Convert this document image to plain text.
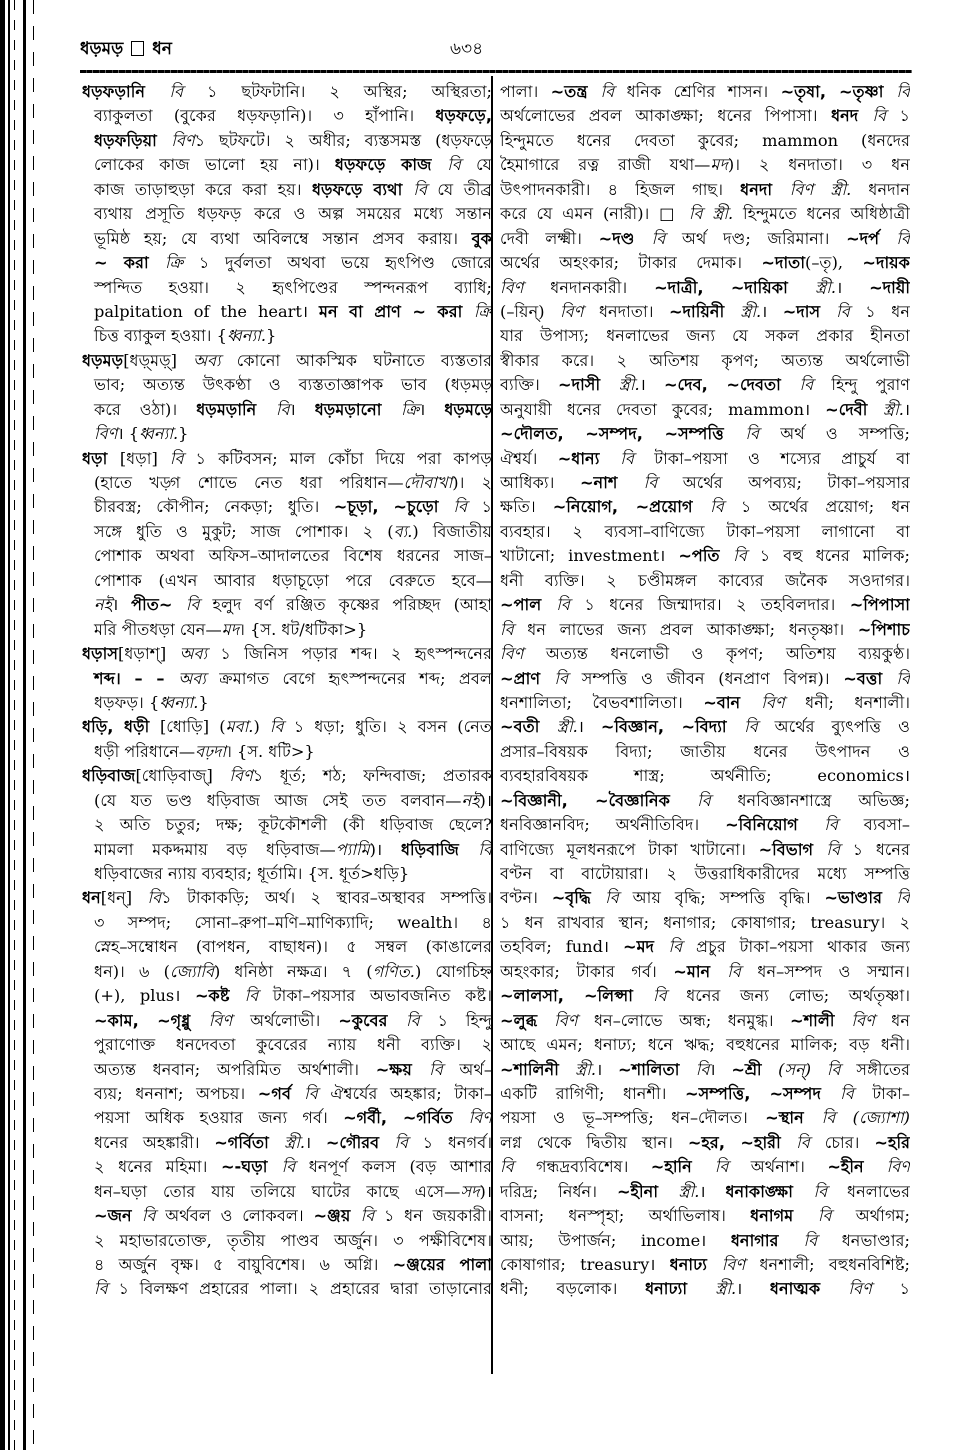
ধড়মড় ধন	৬৩৪
ধড়ফড়ানি বি ১ ছটফটানি। ২ অস্থির; অস্থিরতা;
ব্যাকুলতা (বুকের ধড়ফড়ানি)। ৩ হাঁপানি। ধড়ফড়ে,
ধড়ফড়িয়া বিণ১ ছটফটে। ২ অধীর; ব্যস্তসমস্ত (ধড়ফড়ে
লোকের কাজ ভালো হয় না)। ধড়ফড়ে কাজ বি যে
কাজ তাড়াহুড়া করে করা হয়। ধড়ফড়ে ব্যথা বি যে তীব্র
ব্যথায় প্রসূতি ধড়ফড় করে ও অল্প সময়ের মধ্যে সন্তান
ভূমিষ্ঠ হয়; যে ব্যথা অবিলম্বে সন্তান প্রসব করায়। বুক
~ করা ক্রি ১ দুর্বলতা অথবা ভয়ে হৃৎপিণ্ড জোরে
স্পন্দিত হওয়া। ২ হৃৎপিণ্ডের স্পন্দনরূপ ব্যাধি;
palpitation of the heart। মন বা প্রাণ ~ করা ক্রি
চিত্ত ব্যাকুল হওয়া। {ধ্বন্যা.}
ধড়মড়[ধড়্মড়্] অব্য কোনো আকস্মিক ঘটনাতে ব্যস্ততার
ভাব; অত্যন্ত উৎকণ্ঠা ও ব্যস্ততাজ্ঞাপক ভাব (ধড়মড়
করে ওঠা)। ধড়মড়ানি বি। ধড়মড়ানো ক্রি। ধড়মড়ে
বিণ। {ধ্বন্যা.}
ধড়া [ধড়া] বি ১ কটিবসন; মাল কোঁচা দিয়ে পরা কাপড়
(হাতে খড়্গ শোভে নেত ধরা পরিধান—দৌবাখা)। ২
চীরবস্ত্র; কৌপীন; নেকড়া; ধুতি। ~চূড়া, ~চুড়ো বি ১
সঙ্গে ধুতি ও মুকুট; সাজ পোশাক। ২ (ব্য.) বিজাতীয়
পোশাক অথবা অফিস–আদালতের বিশেষ ধরনের সাজ–
পোশাক (এখন আবার ধড়াচূড়ো পরে বেরুতে হবে—
নই। পীত~ বি হলুদ বর্ণ রঞ্জিত কৃষ্ণের পরিচ্ছদ (আহা
মরি পীতধড়া যেন—মদ। {স. ধট/ধটিকা>}
ধড়াস[ধড়াশ্] অব্য ১ জিনিস পড়ার শব্দ। ২ হৃৎস্পন্দনের
শব্দ। – – অব্য ক্রমাগত বেগে হৃৎস্পন্দনের শব্দ; প্রবল
ধড়ফড়। {ধ্বন্যা.}
ধড়ি, ধড়ী [ধোড়ি] (মবা.) বি ১ ধড়া; ধুতি। ২ বসন (নেত
ধড়ী পরিধানে—বঢ়দা। {স. ধটি>}
ধড়িবাজ[ধোড়িবাজ্] বিণ১ ধূর্ত; শঠ; ফন্দিবাজ; প্রতারক
(যে যত ভণ্ড ধড়িবাজ আজ সেই তত বলবান—নই)।
২ অতি চতুর; দক্ষ; কূটকৌশলী (কী ধড়িবাজ ছেলে?
মামলা মকদ্দমায় বড় ধড়িবাজ—প্যামি)। ধড়িবাজি বি
ধড়িবাজের ন্যায় ব্যবহার; ধূর্তামি। {স. ধূর্ত>ধড়ি}
ধন[ধন্] বি১ টাকাকড়ি; অর্থ। ২ স্থাবর–অস্থাবর সম্পত্তি।
৩ সম্পদ; সোনা–রুপা–মণি–মাণিক্যাদি; wealth। ৪
স্নেহ–সম্বোধন (বাপধন, বাছাধন)। ৫ সম্বল (কাঙালের
ধন)। ৬ (জ্যোবি) ধনিষ্ঠা নক্ষত্র। ৭ (গণিত.) যোগচিহ্ন
(+), plus। ~কষ্ট বি টাকা–পয়সার অভাবজনিত কষ্ট।
~কাম, ~গৃধ্নু বিণ অর্থলোভী। ~কুবের বি ১ হিন্দু
পুরাণোক্ত ধনদেবতা কুবেরের ন্যায় ধনী ব্যক্তি। ২
অত্যন্ত ধনবান; অপরিমিত অর্থশালী। ~ক্ষয় বি অর্থ–
ব্যয়; ধননাশ; অপচয়। ~গর্ব বি ঐশ্বর্যের অহঙ্কার; টাকা–
পয়সা অধিক হওয়ার জন্য গর্ব। ~গর্বী, ~গর্বিত বিণ
ধনের অহঙ্কারী। ~গর্বিতা স্ত্রী.। ~গৌরব বি ১ ধনগর্ব।
২ ধনের মহিমা। ~-ঘড়া বি ধনপূর্ণ কলস (বড় আশার
ধন–ঘড়া তোর যায় তলিয়ে ঘাটের কাছে এসে—সদ)।
~জন বি অর্থবল ও লোকবল। ~ঞ্জয় বি ১ ধন জয়কারী।
২ মহাভারতোক্ত, তৃতীয় পাণ্ডব অর্জুন। ৩ পক্ষীবিশেষ।
৪ অর্জুন বৃক্ষ। ৫ বায়ুবিশেষ। ৬ অগ্নি। ~ঞ্জয়ের পালা
বি ১ বিলক্ষণ প্রহারের পালা। ২ প্রহারের দ্বারা তাড়ানোর
পালা। ~তন্ত্র বি ধনিক শ্রেণির শাসন। ~তৃষা, ~তৃষ্ণা বি
অর্থলোভের প্রবল আকাঙ্ক্ষা; ধনের পিপাসা। ধনদ বি ১
হিন্দুমতে ধনের দেবতা কুবের; mammon (ধনদের
হৈমাগারে রত্ন রাজী যথা—মদ)। ২ ধনদাতা। ৩ ধন
উৎপাদনকারী। ৪ হিজল গাছ। ধনদা বিণ স্ত্রী. ধনদান
করে যে এমন (নারী)। □ বি স্ত্রী. হিন্দুমতে ধনের অধিষ্ঠাত্রী
দেবী লক্ষ্মী। ~দণ্ড বি অর্থ দণ্ড; জরিমানা। ~দর্প বি
অর্থের অহংকার; টাকার দেমাক। ~দাতা(–তৃ), ~দায়ক
বিণ ধনদানকারী। ~দাত্রী, ~দায়িকা স্ত্রী.। ~দায়ী
(–য়িন্) বিণ ধনদাতা। ~দায়িনী স্ত্রী.। ~দাস বি ১ ধন
যার উপাস্য; ধনলাভের জন্য যে সকল প্রকার হীনতা
স্বীকার করে। ২ অতিশয় কৃপণ; অত্যন্ত অর্থলোভী
ব্যক্তি। ~দাসী স্ত্রী.। ~দেব, ~দেবতা বি হিন্দু পুরাণ
অনুযায়ী ধনের দেবতা কুবের; mammon। ~দেবী স্ত্রী.।
~দৌলত, ~সম্পদ, ~সম্পত্তি বি অর্থ ও সম্পত্তি;
ঐশ্বর্য। ~ধান্য বি টাকা–পয়সা ও শস্যের প্রাচুর্য বা
আধিক্য। ~নাশ বি অর্থের অপব্যয়; টাকা–পয়সার
ক্ষতি। ~নিয়োগ, ~প্রয়োগ বি ১ অর্থের প্রয়োগ; ধন
ব্যবহার। ২ ব্যবসা–বাণিজ্যে টাকা–পয়সা লাগানো বা
খাটানো; investment। ~পতি বি ১ বহু ধনের মালিক;
ধনী ব্যক্তি। ২ চণ্ডীমঙ্গল কাব্যের জনৈক সওদাগর।
~পাল বি ১ ধনের জিম্মাদার। ২ তহবিলদার। ~পিপাসা
বি ধন লাভের জন্য প্রবল আকাঙ্ক্ষা; ধনতৃষ্ণা। ~পিশাচ
বিণ অত্যন্ত ধনলোভী ও কৃপণ; অতিশয় ব্যয়কুণ্ঠ।
~প্রাণ বি সম্পত্তি ও জীবন (ধনপ্রাণ বিপন্ন)। ~বত্তা বি
ধনশালিতা; বৈভবশালিতা। ~বান বিণ ধনী; ধনশালী।
~বতী স্ত্রী.। ~বিজ্ঞান, ~বিদ্যা বি অর্থের ব্যুৎপত্তি ও
প্রসার–বিষয়ক বিদ্যা; জাতীয় ধনের উৎপাদন ও
ব্যবহারবিষয়ক শাস্ত্র; অর্থনীতি; economics।
~বিজ্ঞানী, ~বৈজ্ঞানিক বি ধনবিজ্ঞানশাস্ত্রে অভিজ্ঞ;
ধনবিজ্ঞানবিদ; অর্থনীতিবিদ। ~বিনিয়োগ বি ব্যবসা–
বাণিজ্যে মূলধনরূপে টাকা খাটানো। ~বিভাগ বি ১ ধনের
বণ্টন বা বাটোয়ারা। ২ উত্তরাধিকারীদের মধ্যে সম্পত্তি
বণ্টন। ~বৃদ্ধি বি আয় বৃদ্ধি; সম্পত্তি বৃদ্ধি। ~ভাণ্ডার বি
১ ধন রাখবার স্থান; ধনাগার; কোষাগার; treasury। ২
তহবিল; fund। ~মদ বি প্রচুর টাকা–পয়সা থাকার জন্য
অহংকার; টাকার গর্ব। ~মান বি ধন–সম্পদ ও সম্মান।
~লালসা, ~লিপ্সা বি ধনের জন্য লোভ; অর্থতৃষ্ণা।
~লুব্ধ বিণ ধন–লোভে অন্ধ; ধনমুগ্ধ। ~শালী বিণ ধন
আছে এমন; ধনাঢ্য; ধনে ঋদ্ধ; বহুধনের মালিক; বড় ধনী।
~শালিনী স্ত্রী.। ~শালিতা বি। ~শ্রী (সন্) বি সঙ্গীতের
একটি রাগিণী; ধানশী। ~সম্পত্তি, ~সম্পদ বি টাকা–
পয়সা ও ভূ–সম্পত্তি; ধন–দৌলত। ~স্থান বি (জ্যোশা)
লগ্ন থেকে দ্বিতীয় স্থান। ~হর, ~হারী বি চোর। ~হরি
বি গন্ধদ্রব্যবিশেষ। ~হানি বি অর্থনাশ। ~হীন বিণ
দরিদ্র; নির্ধন। ~হীনা স্ত্রী.। ধনাকাঙ্ক্ষা বি ধনলাভের
বাসনা; ধনস্পৃহা; অর্থাভিলাষ। ধনাগম বি অর্থাগম;
আয়; উপার্জন; income। ধনাগার বি ধনভাণ্ডার;
কোষাগার; treasury। ধনাঢ্য বিণ ধনশালী; বহুধনবিশিষ্ট;
ধনী; বড়লোক। ধনাঢ্যা স্ত্রী.। ধনাত্মক বিণ ১
